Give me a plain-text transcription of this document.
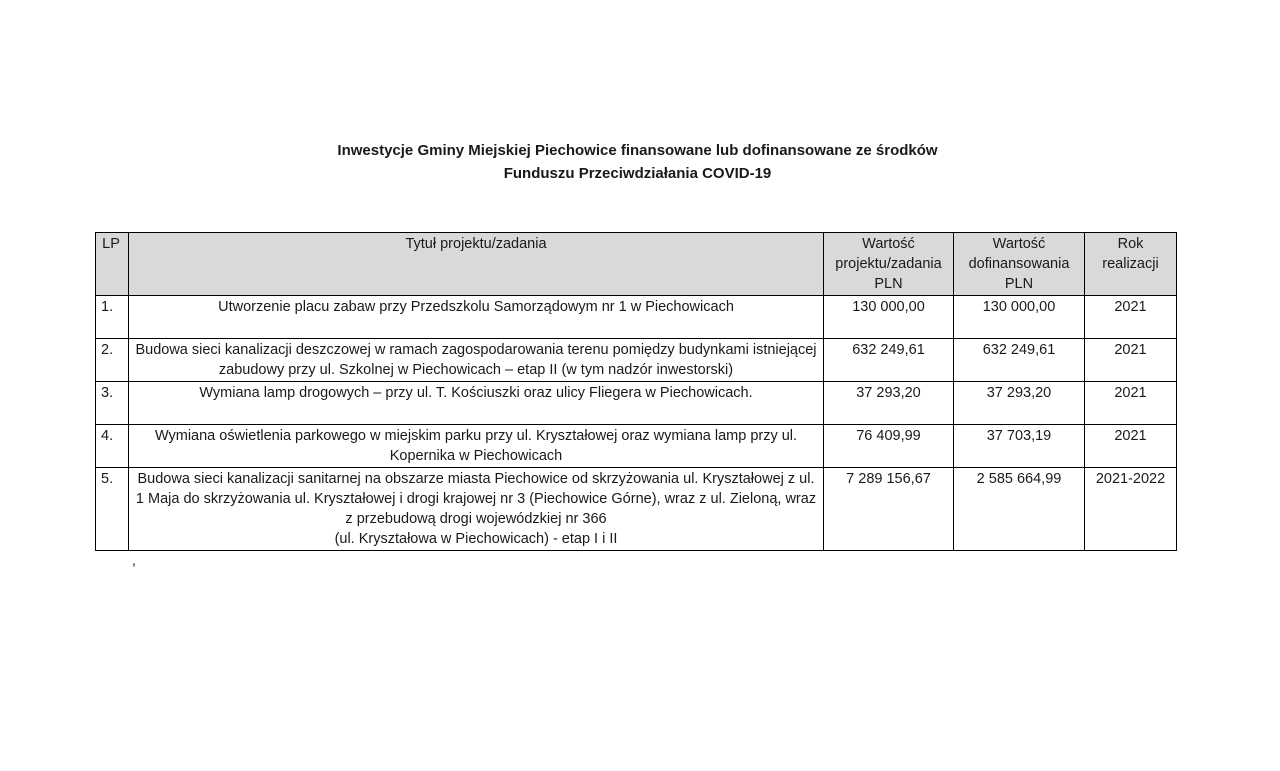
Inwestycje Gminy Miejskiej Piechowice finansowane lub dofinansowane ze środków
Funduszu Przeciwdziałania COVID-19
LP	Tytuł projektu/zadania	Wartość projektu/zadania PLN	Wartość dofinansowania PLN	Rok realizacji
1.	Utworzenie placu zabaw przy Przedszkolu Samorządowym nr 1 w Piechowicach	130 000,00	130 000,00	2021
2.	Budowa sieci kanalizacji deszczowej w ramach zagospodarowania terenu pomiędzy budynkami istniejącej zabudowy przy ul. Szkolnej w Piechowicach – etap II (w tym nadzór inwestorski)	632 249,61	632 249,61	2021
3.	Wymiana lamp drogowych – przy ul. T. Kościuszki oraz ulicy Fliegera w Piechowicach.	37 293,20	37 293,20	2021
4.	Wymiana oświetlenia parkowego w miejskim parku przy ul. Kryształowej oraz wymiana lamp przy ul. Kopernika w Piechowicach	76 409,99	37 703,19	2021
5.	Budowa sieci kanalizacji sanitarnej na obszarze miasta Piechowice od skrzyżowania ul. Kryształowej z ul. 1 Maja do skrzyżowania ul. Kryształowej i drogi krajowej nr 3 (Piechowice Górne), wraz z ul. Zieloną, wraz z przebudową drogi wojewódzkiej nr 366
(ul. Kryształowa w Piechowicach) - etap I i II	7 289 156,67	2 585 664,99	2021-2022
,
